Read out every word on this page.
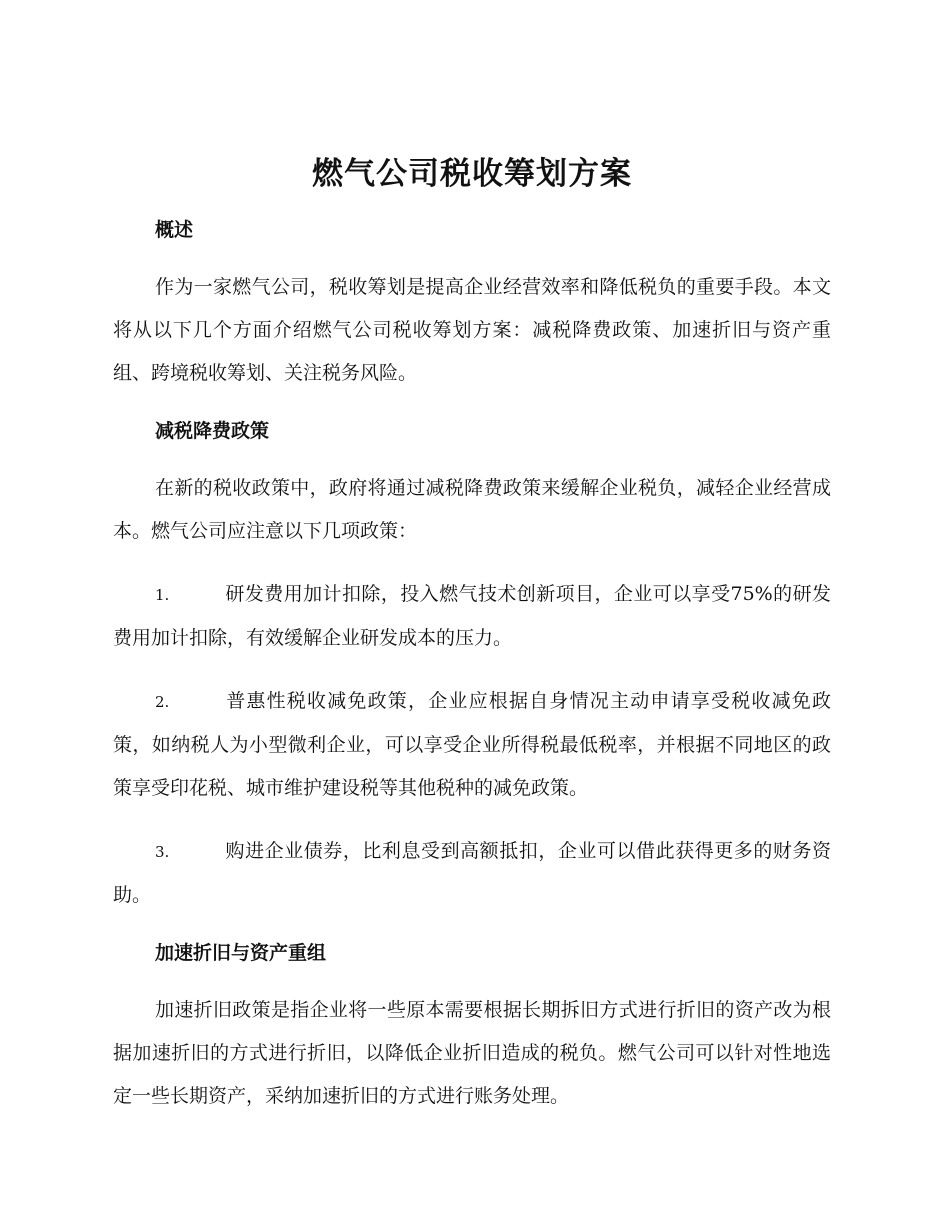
燃气公司税收筹划方案
概述

作为一家燃气公司，税收筹划是提高企业经营效率和降低税负的重要手段。本文将从以下几个方面介绍燃气公司税收筹划方案：减税降费政策、加速折旧与资产重组、跨境税收筹划、关注税务风险。

减税降费政策

在新的税收政策中，政府将通过减税降费政策来缓解企业税负，减轻企业经营成本。燃气公司应注意以下几项政策：

1.	研发费用加计扣除，投入燃气技术创新项目，企业可以享受75%的研发费用加计扣除，有效缓解企业研发成本的压力。

2.	普惠性税收减免政策，企业应根据自身情况主动申请享受税收减免政策，如纳税人为小型微利企业，可以享受企业所得税最低税率，并根据不同地区的政策享受印花税、城市维护建设税等其他税种的减免政策。

3.	购进企业债券，比利息受到高额抵扣，企业可以借此获得更多的财务资助。

加速折旧与资产重组

加速折旧政策是指企业将一些原本需要根据长期拆旧方式进行折旧的资产改为根据加速折旧的方式进行折旧，以降低企业折旧造成的税负。燃气公司可以针对性地选定一些长期资产，采纳加速折旧的方式进行账务处理。
